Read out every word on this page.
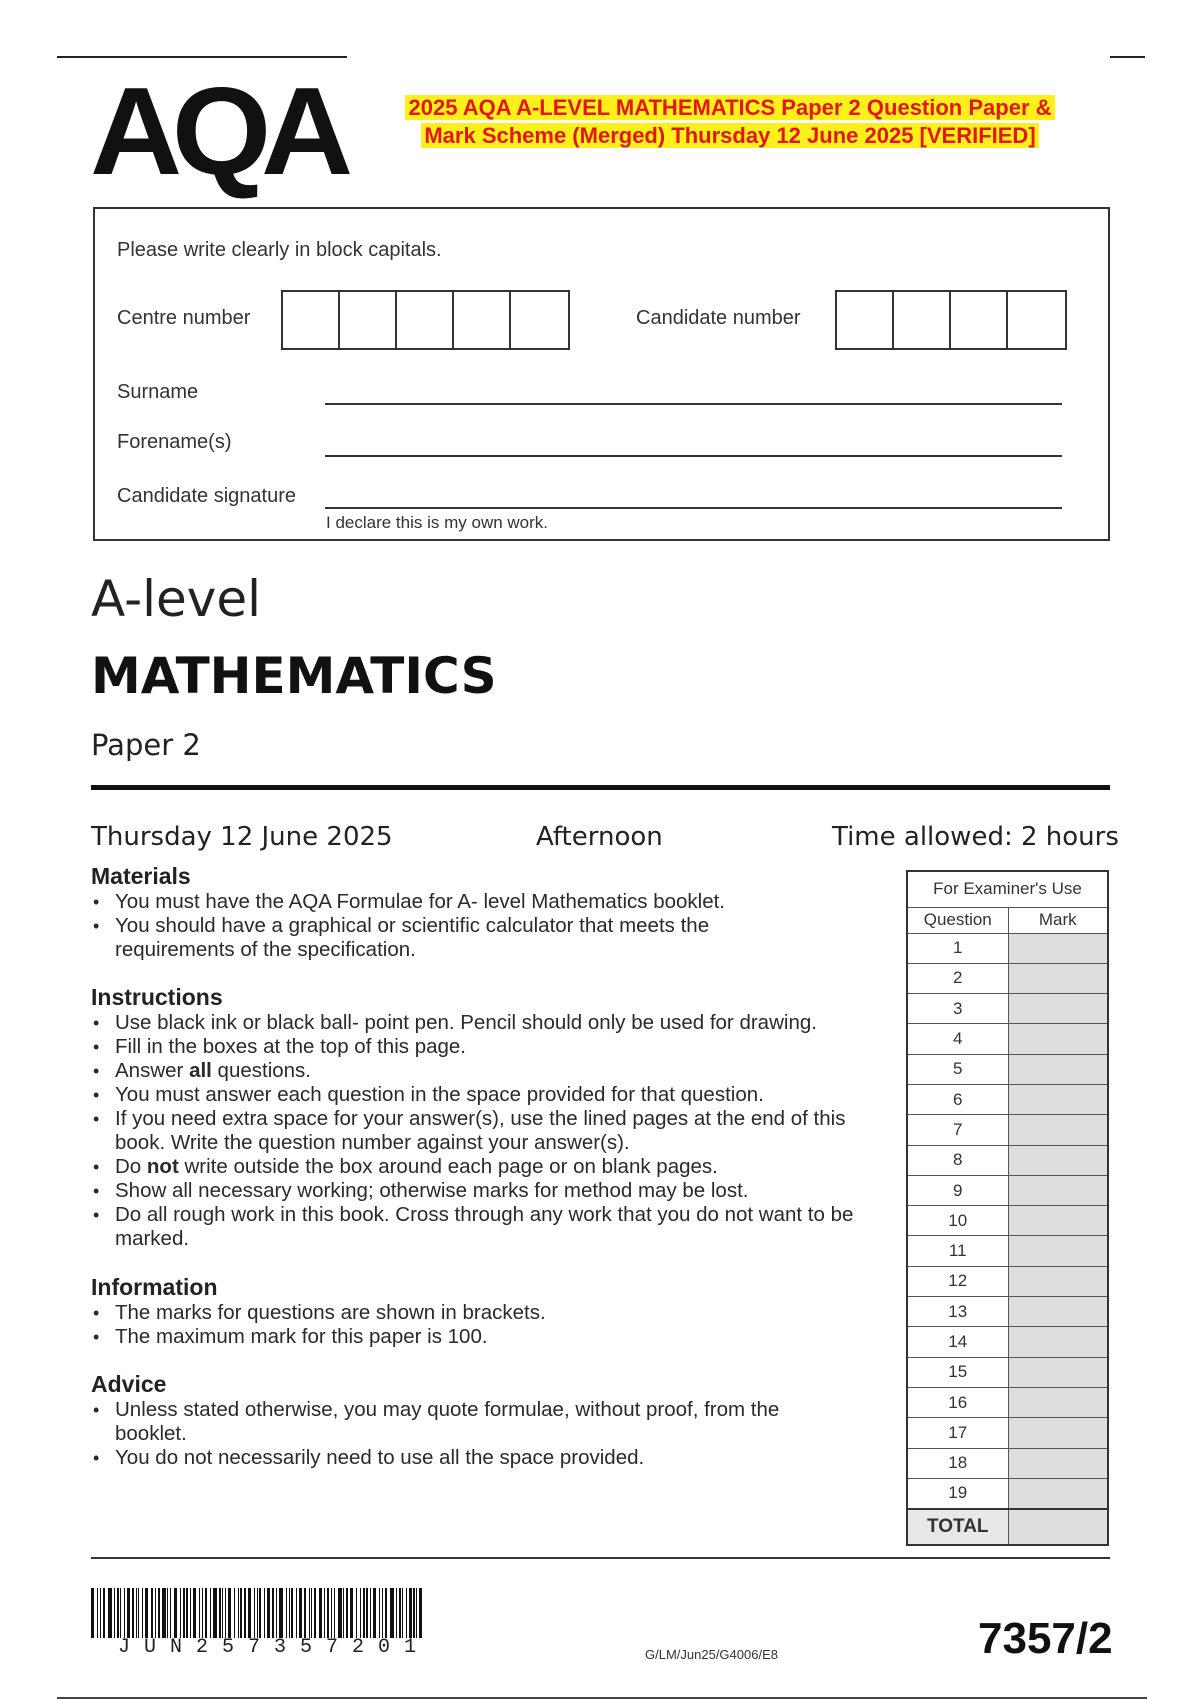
AQA	2025 AQA A-LEVEL MATHEMATICS Paper 2 Question Paper &
Mark Scheme (Merged) Thursday 12 June 2025 [VERIFIED]
Please write clearly in block capitals.
Centre number	Candidate number
Surname
Forename(s)
Candidate signature
I declare this is my own work.
A-level
MATHEMATICS
Paper 2
Thursday 12 June 2025	Afternoon	Time allowed: 2 hours
Materials
• You must have the AQA Formulae for A- level Mathematics booklet.
• You should have a graphical or scientific calculator that meets the requirements of the specification.
Instructions
• Use black ink or black ball- point pen. Pencil should only be used for drawing.
• Fill in the boxes at the top of this page.
• Answer all questions.
• You must answer each question in the space provided for that question.
• If you need extra space for your answer(s), use the lined pages at the end of this book. Write the question number against your answer(s).
• Do not write outside the box around each page or on blank pages.
• Show all necessary working; otherwise marks for method may be lost.
• Do all rough work in this book. Cross through any work that you do not want to be marked.
Information
• The marks for questions are shown in brackets.
• The maximum mark for this paper is 100.
Advice
• Unless stated otherwise, you may quote formulae, without proof, from the booklet.
• You do not necessarily need to use all the space provided.
For Examiner's Use	
Question	Mark
1	
2	
3	
4	
5	
6	
7	
8	
9	
10	
11	
12	
13	
14	
15	
16	
17	
18	
19	
TOTAL	
JUN257357201	G/LM/Jun25/G4006/E8	7357/2
